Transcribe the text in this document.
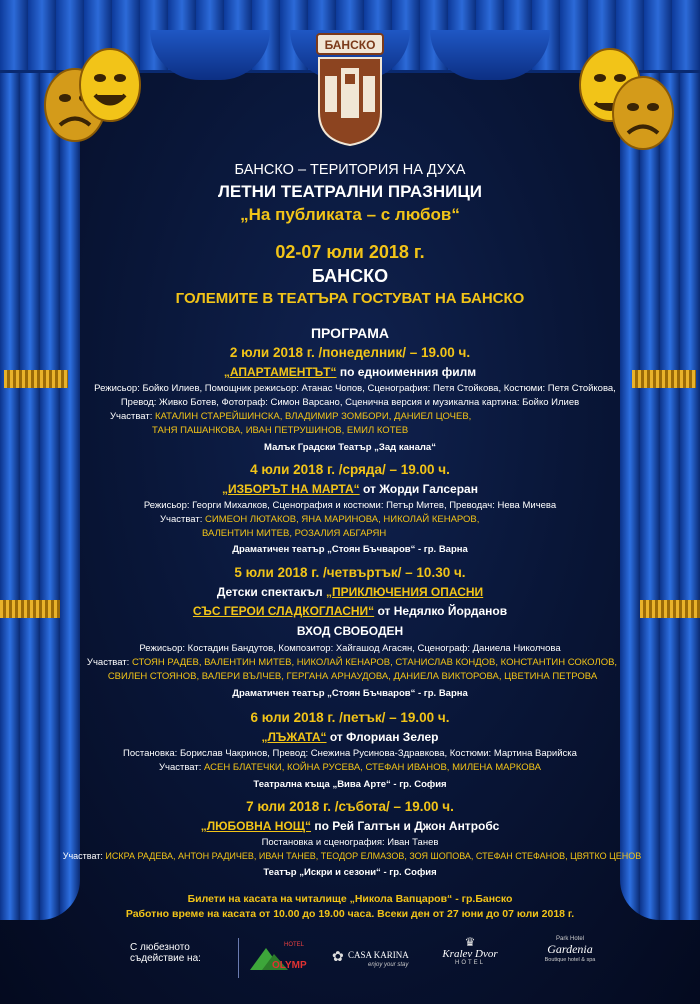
БАНСКО
БАНСКО – ТЕРИТОРИЯ НА ДУХА
ЛЕТНИ ТЕАТРАЛНИ ПРАЗНИЦИ
„На публиката – с любов“
02-07 юли 2018 г.
БАНСКО
ГОЛЕМИТЕ В ТЕАТЪРА ГОСТУВАТ НА БАНСКО
ПРОГРАМА
2 юли 2018 г. /понеделник/ – 19.00 ч.
„АПАРТАМЕНТЪТ“ по едноименния филм
Режисьор: Бойко Илиев, Помощник режисьор: Атанас Чопов, Сценография: Петя Стойкова, Костюми: Петя Стойкова,
Превод: Живко Ботев, Фотограф: Симон Варсано, Сценична версия и музикална картина: Бойко Илиев
Участват: КАТАЛИН СТАРЕЙШИНСКА, ВЛАДИМИР ЗОМБОРИ, ДАНИЕЛ ЦОЧЕВ,
ТАНЯ ПАШАНКОВА, ИВАН ПЕТРУШИНОВ, ЕМИЛ КОТЕВ
Малък Градски Театър „Зад канала“
4 юли 2018 г. /сряда/ – 19.00 ч.
„ИЗБОРЪТ НА МАРТА“ от Жорди Галсеран
Режисьор: Георги Михалков, Сценография и костюми: Петър Митев, Преводач: Нева Мичева
Участват: СИМЕОН ЛЮТАКОВ, ЯНА МАРИНОВА, НИКОЛАЙ КЕНАРОВ,
ВАЛЕНТИН МИТЕВ, РОЗАЛИЯ АБГАРЯН
Драматичен театър „Стоян Бъчваров“ - гр. Варна
5 юли 2018 г. /четвъртък/ – 10.30 ч.
Детски спектакъл „ПРИКЛЮЧЕНИЯ ОПАСНИ
СЪС ГЕРОИ СЛАДКОГЛАСНИ“ от Недялко Йорданов
ВХОД СВОБОДЕН
Режисьор: Костадин Бандутов, Композитор: Хайгашод Агасян, Сценограф: Даниела Николчова
Участват: СТОЯН РАДЕВ, ВАЛЕНТИН МИТЕВ, НИКОЛАЙ КЕНАРОВ, СТАНИСЛАВ КОНДОВ, КОНСТАНТИН СОКОЛОВ,
СВИЛЕН СТОЯНОВ, ВАЛЕРИ ВЪЛЧЕВ, ГЕРГАНА АРНАУДОВА, ДАНИЕЛА ВИКТОРОВА, ЦВЕТИНА ПЕТРОВА
Драматичен театър „Стоян Бъчваров“ - гр. Варна
6 юли 2018 г. /петък/ – 19.00 ч.
„ЛЪЖАТА“ от Флориан Зелер
Постановка: Борислав Чакринов, Превод: Снежина Русинова-Здравкова, Костюми: Мартина Варийска
Участват: АСЕН БЛАТЕЧКИ, КОЙНА РУСЕВА, СТЕФАН ИВАНОВ, МИЛЕНА МАРКОВА
Театрална къща „Вива Арте“ - гр. София
7 юли 2018 г. /събота/ – 19.00 ч.
„ЛЮБОВНА НОЩ“ по Рей Галтън и Джон Антробс
Постановка и сценография: Иван Танев
Участват: ИСКРА РАДЕВА, АНТОН РАДИЧЕВ, ИВАН ТАНЕВ, ТЕОДОР ЕЛМАЗОВ, ЗОЯ ШОПОВА, СТЕФАН СТЕФАНОВ, ЦВЯТКО ЦЕНОВ
Театър „Искри и сезони“ - гр. София
Билети на касата на читалище „Никола Вапцаров“ - гр.Банско
Работно време на касата от 10.00 до 19.00 часа. Всеки ден от 27 юни до 07 юли 2018 г.
С любезното
съдействие на:
HOTEL
OLYMP
✿ CASA KARINA
enjoy your stay
♛
Kralev Dvor
HOTEL
Park Hotel
Gardenia
Boutique hotel & spa
